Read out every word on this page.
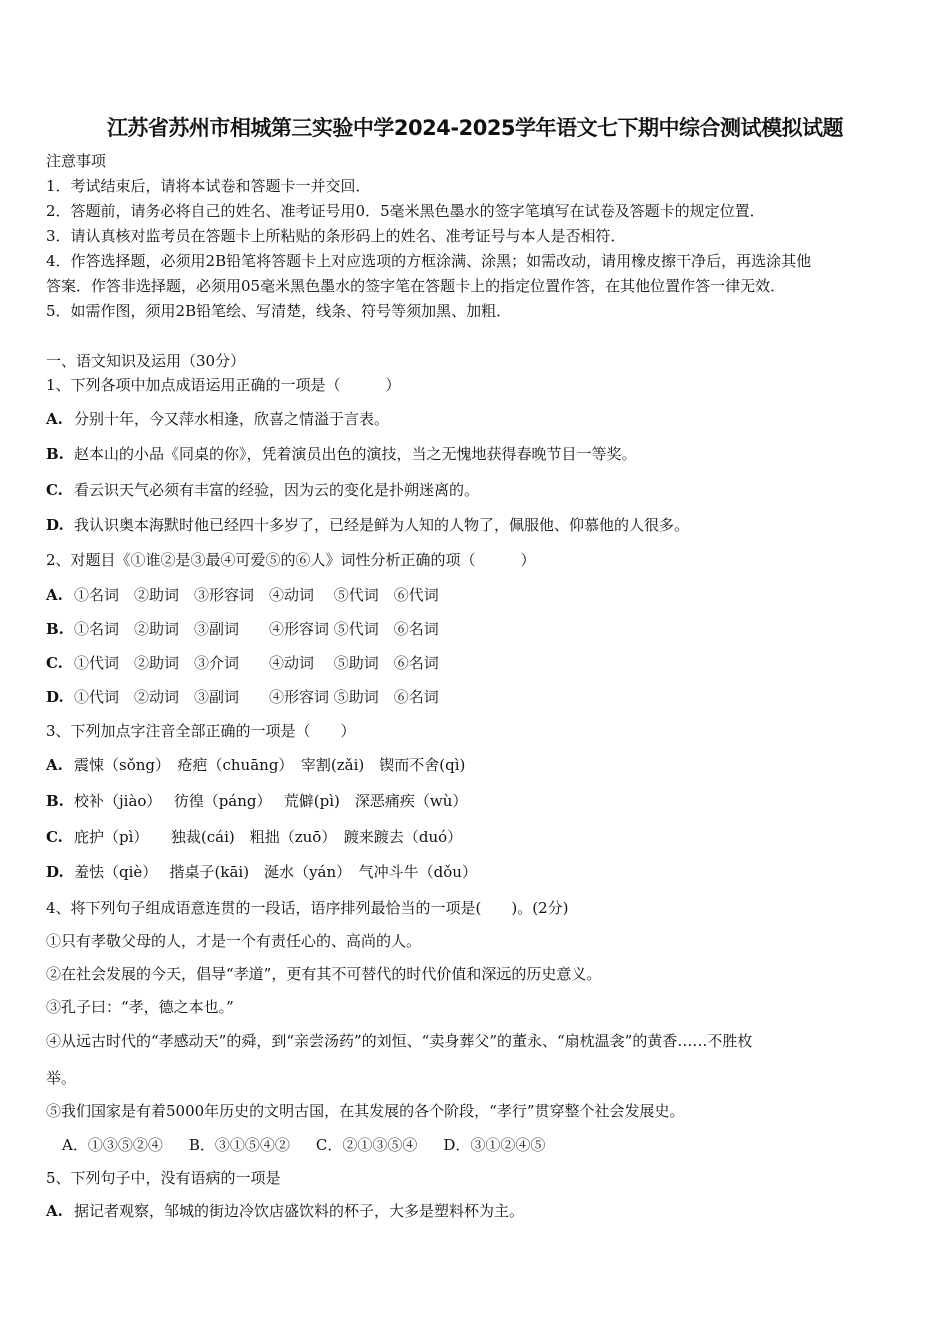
江苏省苏州市相城第三实验中学2024-2025学年语文七下期中综合测试模拟试题
注意事项
1．考试结束后，请将本试卷和答题卡一并交回．
2．答题前，请务必将自己的姓名、准考证号用0．5毫米黑色墨水的签字笔填写在试卷及答题卡的规定位置．
3．请认真核对监考员在答题卡上所粘贴的条形码上的姓名、准考证号与本人是否相符．
4．作答选择题，必须用2B铅笔将答题卡上对应选项的方框涂满、涂黑；如需改动，请用橡皮擦干净后，再选涂其他
答案．作答非选择题，必须用05毫米黑色墨水的签字笔在答题卡上的指定位置作答，在其他位置作答一律无效．
5．如需作图，须用2B铅笔绘、写清楚，线条、符号等须加黑、加粗．
一、语文知识及运用（30分）
1、下列各项中加点成语运用正确的一项是（　　　）
A. 分别十年，今又萍水相逢，欣喜之情溢于言表。
B. 赵本山的小品《同桌的你》，凭着演员出色的演技，当之无愧地获得春晚节目一等奖。
C. 看云识天气必须有丰富的经验，因为云的变化是扑朔迷离的。
D. 我认识奥本海默时他已经四十多岁了，已经是鲜为人知的人物了，佩服他、仰慕他的人很多。
2、对题目《①谁②是③最④可爱⑤的⑥人》词性分析正确的项（　　　）
A. ①名词　②助词　③形容词　④动词　 ⑤代词　⑥代词
B. ①名词　②助词　③副词　　④形容词 ⑤代词　⑥名词
C. ①代词　②助词　③介词　　④动词　 ⑤助词　⑥名词
D. ①代词　②动词　③副词　　④形容词 ⑤助词　⑥名词
3、下列加点字注音全部正确的一项是（　　）
A. 震悚（sǒng）　疮疤（chuāng）　宰割(zǎi)　锲而不舍(qì)
B. 校补（jiào）　 彷徨（páng）　 荒僻(pì)　深恶痛疾（wù）
C. 庇护（pì）　　独裁(cái)　粗拙（zuō）　踱来踱去（duó）
D. 羞怯（qiè）　 揩桌子(kāi)　涎水（yán）　气冲斗牛（dǒu）
4、将下列句子组成语意连贯的一段话，语序排列最恰当的一项是(　　)。(2分)
①只有孝敬父母的人，才是一个有责任心的、高尚的人。
②在社会发展的今天，倡导“孝道”，更有其不可替代的时代价值和深远的历史意义。
③孔子曰：“孝，德之本也。”
④从远古时代的“孝感动天”的舜，到“亲尝汤药”的刘恒、“卖身葬父”的董永、“扇枕温衾”的黄香……不胜枚
举。
⑤我们国家是有着5000年历史的文明古国，在其发展的各个阶段，“孝行”贯穿整个社会发展史。
A．①③⑤②④ B．③①⑤④② C．②①③⑤④ D．③①②④⑤
5、下列句子中，没有语病的一项是
A. 据记者观察，邹城的街边冷饮店盛饮料的杯子，大多是塑料杯为主。
